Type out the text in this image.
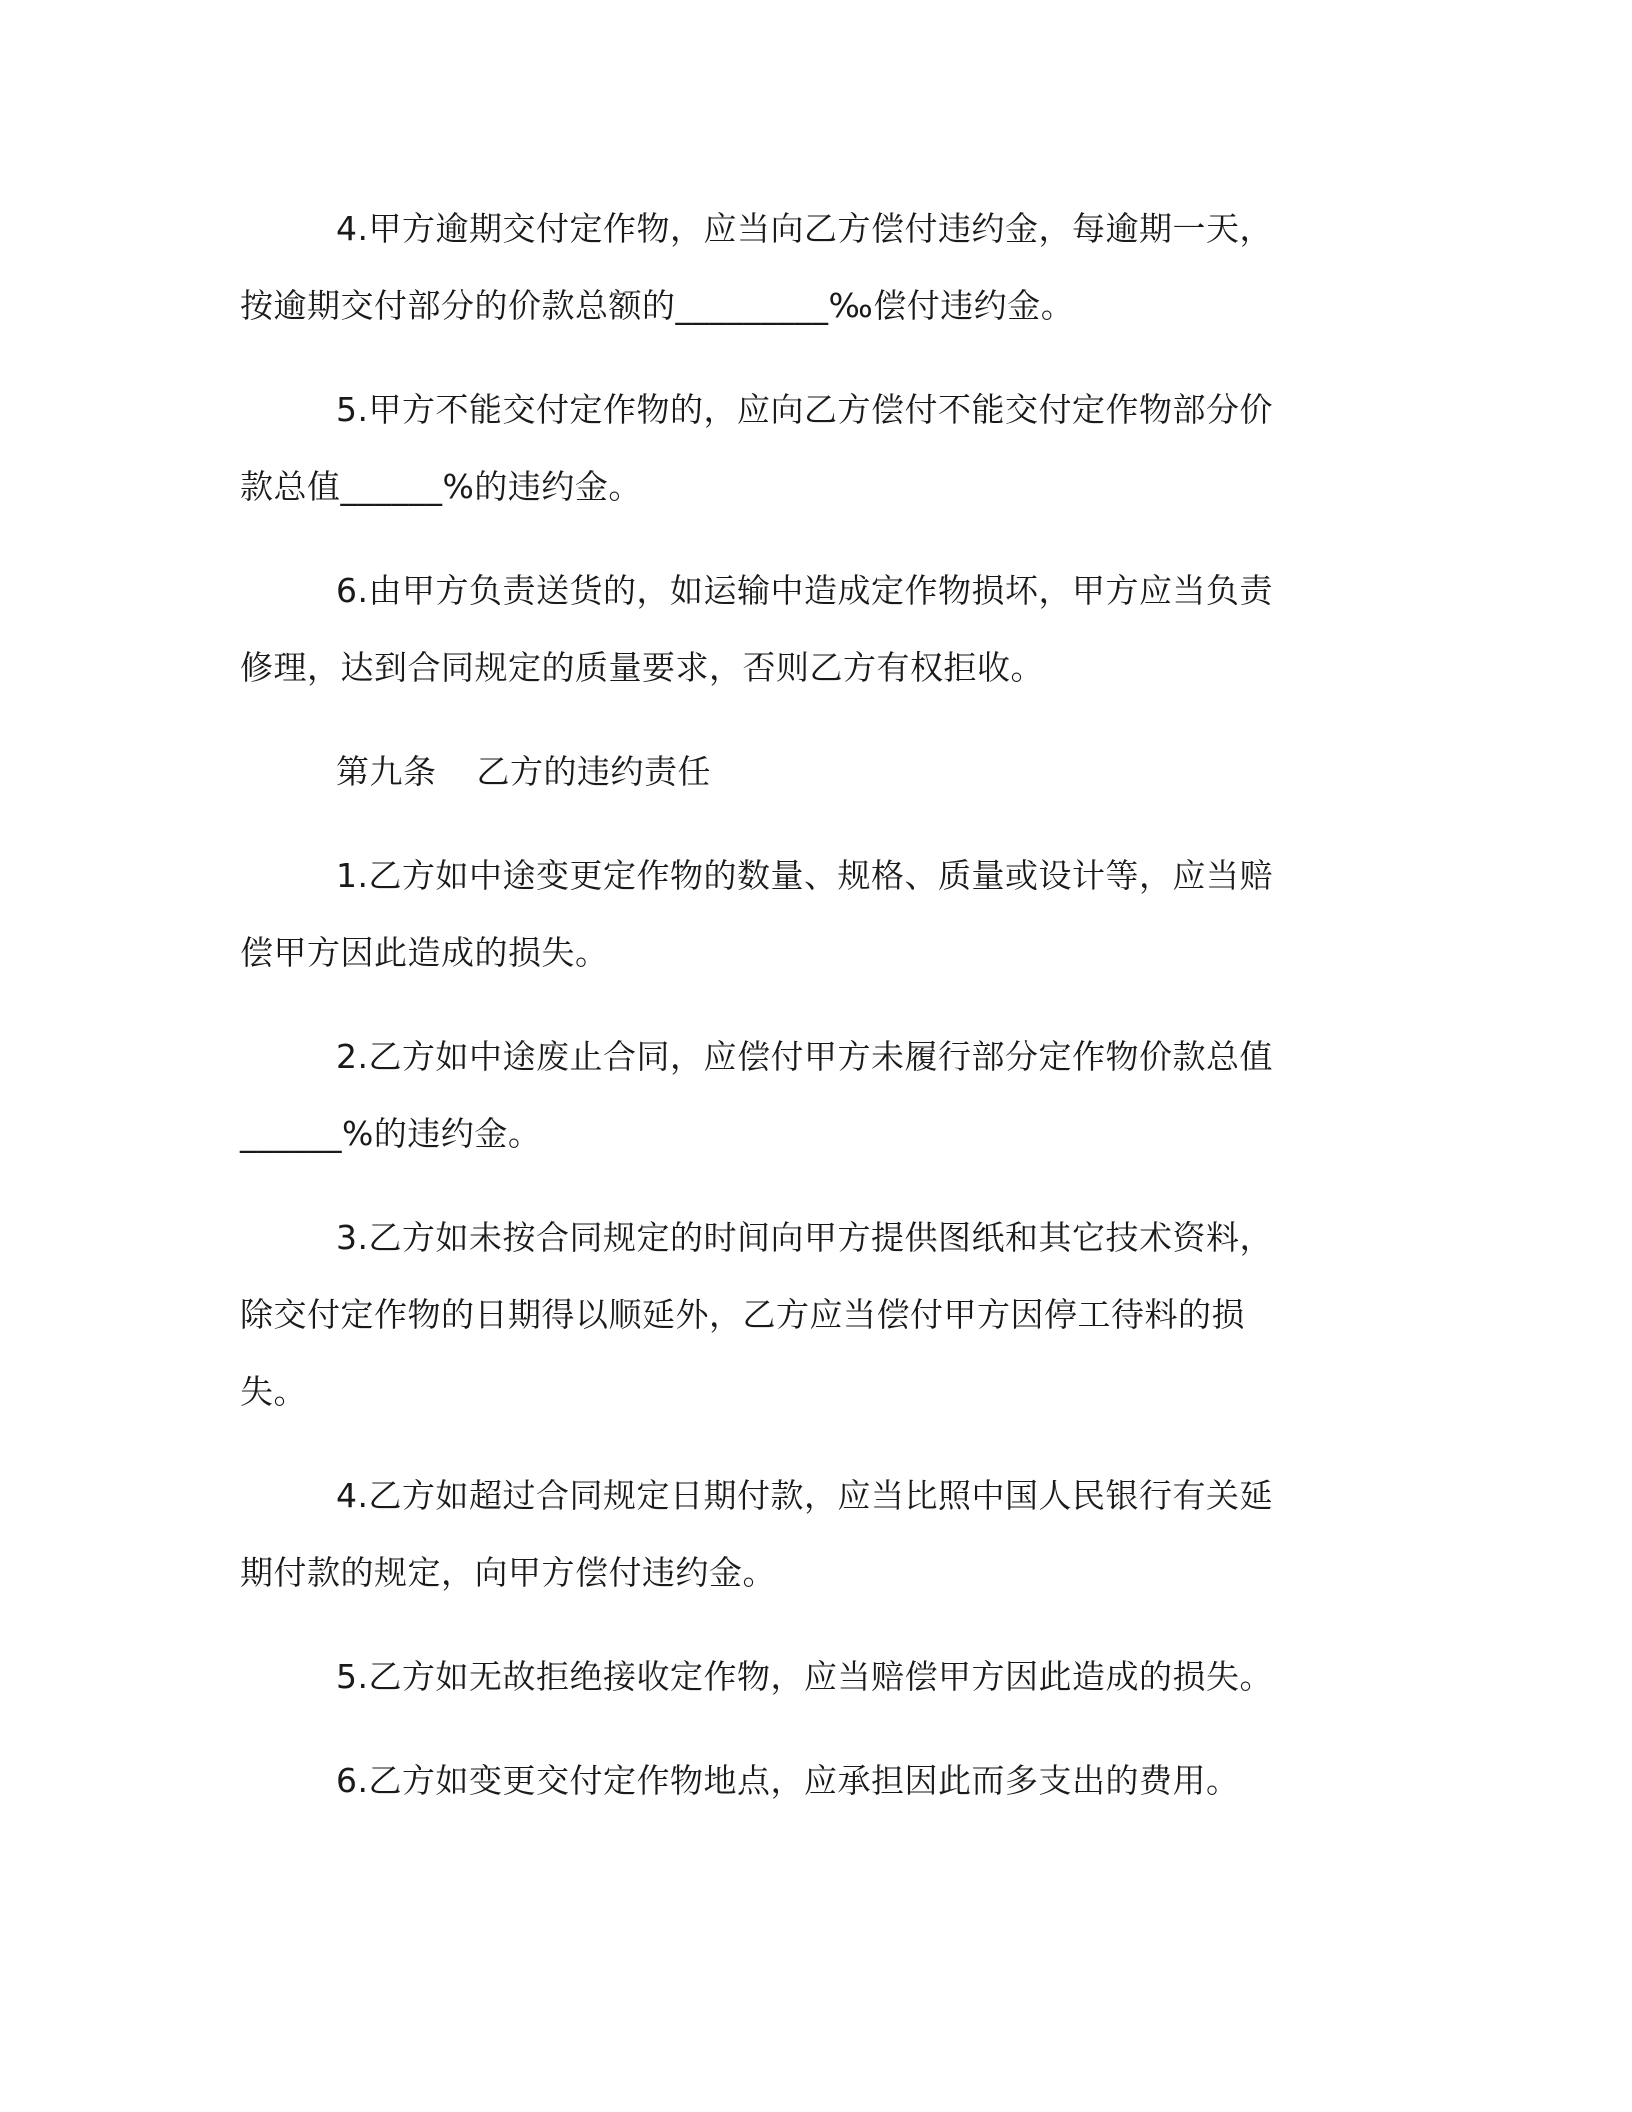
4.甲方逾期交付定作物，应当向乙方偿付违约金，每逾期一天，
按逾期交付部分的价款总额的_________‰偿付违约金。

5.甲方不能交付定作物的，应向乙方偿付不能交付定作物部分价
款总值______%的违约金。

6.由甲方负责送货的，如运输中造成定作物损坏，甲方应当负责
修理，达到合同规定的质量要求，否则乙方有权拒收。

第九条 乙方的违约责任

1.乙方如中途变更定作物的数量、规格、质量或设计等，应当赔
偿甲方因此造成的损失。

2.乙方如中途废止合同，应偿付甲方未履行部分定作物价款总值
______%的违约金。

3.乙方如未按合同规定的时间向甲方提供图纸和其它技术资料，
除交付定作物的日期得以顺延外，乙方应当偿付甲方因停工待料的损
失。

4.乙方如超过合同规定日期付款，应当比照中国人民银行有关延
期付款的规定，向甲方偿付违约金。

5.乙方如无故拒绝接收定作物，应当赔偿甲方因此造成的损失。

6.乙方如变更交付定作物地点，应承担因此而多支出的费用。
